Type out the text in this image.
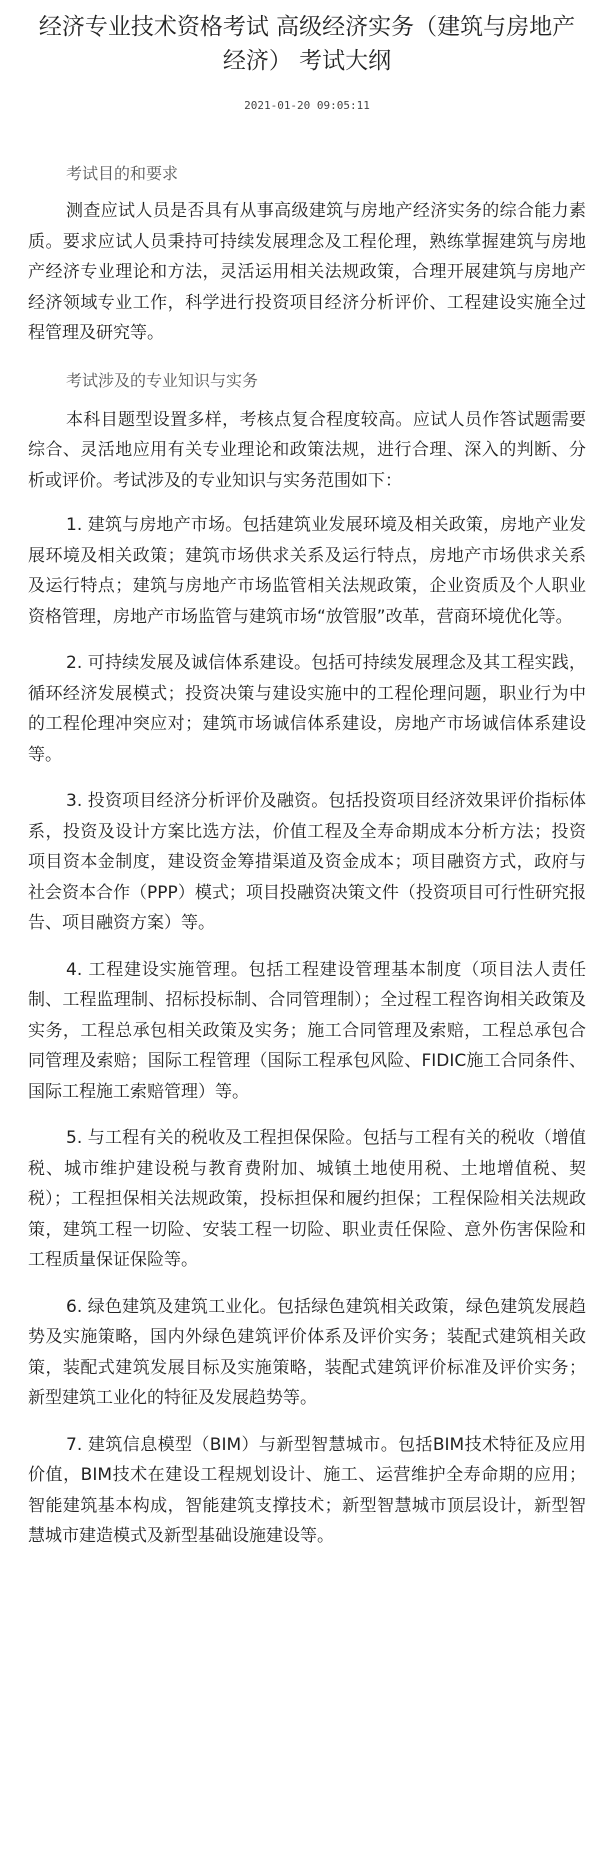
经济专业技术资格考试 高级经济实务（建筑与房地产经济） 考试大纲
2021-01-20 09:05:11
考试目的和要求

测查应试人员是否具有从事高级建筑与房地产经济实务的综合能力素质。要求应试人员秉持可持续发展理念及工程伦理，熟练掌握建筑与房地产经济专业理论和方法，灵活运用相关法规政策，合理开展建筑与房地产经济领域专业工作，科学进行投资项目经济分析评价、工程建设实施全过程管理及研究等。

考试涉及的专业知识与实务

本科目题型设置多样，考核点复合程度较高。应试人员作答试题需要综合、灵活地应用有关专业理论和政策法规，进行合理、深入的判断、分析或评价。考试涉及的专业知识与实务范围如下：

1. 建筑与房地产市场。包括建筑业发展环境及相关政策，房地产业发展环境及相关政策；建筑市场供求关系及运行特点，房地产市场供求关系及运行特点；建筑与房地产市场监管相关法规政策，企业资质及个人职业资格管理，房地产市场监管与建筑市场“放管服”改革，营商环境优化等。

2. 可持续发展及诚信体系建设。包括可持续发展理念及其工程实践，循环经济发展模式；投资决策与建设实施中的工程伦理问题，职业行为中的工程伦理冲突应对；建筑市场诚信体系建设，房地产市场诚信体系建设等。

3. 投资项目经济分析评价及融资。包括投资项目经济效果评价指标体系，投资及设计方案比选方法，价值工程及全寿命期成本分析方法；投资项目资本金制度，建设资金筹措渠道及资金成本；项目融资方式，政府与社会资本合作（PPP）模式；项目投融资决策文件（投资项目可行性研究报告、项目融资方案）等。

4. 工程建设实施管理。包括工程建设管理基本制度（项目法人责任制、工程监理制、招标投标制、合同管理制）；全过程工程咨询相关政策及实务，工程总承包相关政策及实务；施工合同管理及索赔，工程总承包合同管理及索赔；国际工程管理（国际工程承包风险、FIDIC施工合同条件、国际工程施工索赔管理）等。

5. 与工程有关的税收及工程担保保险。包括与工程有关的税收（增值税、城市维护建设税与教育费附加、城镇土地使用税、土地增值税、契税）；工程担保相关法规政策，投标担保和履约担保；工程保险相关法规政策，建筑工程一切险、安装工程一切险、职业责任保险、意外伤害保险和工程质量保证保险等。

6. 绿色建筑及建筑工业化。包括绿色建筑相关政策，绿色建筑发展趋势及实施策略，国内外绿色建筑评价体系及评价实务；装配式建筑相关政策，装配式建筑发展目标及实施策略，装配式建筑评价标准及评价实务；新型建筑工业化的特征及发展趋势等。

7. 建筑信息模型（BIM）与新型智慧城市。包括BIM技术特征及应用价值，BIM技术在建设工程规划设计、施工、运营维护全寿命期的应用；智能建筑基本构成，智能建筑支撑技术；新型智慧城市顶层设计，新型智慧城市建造模式及新型基础设施建设等。
